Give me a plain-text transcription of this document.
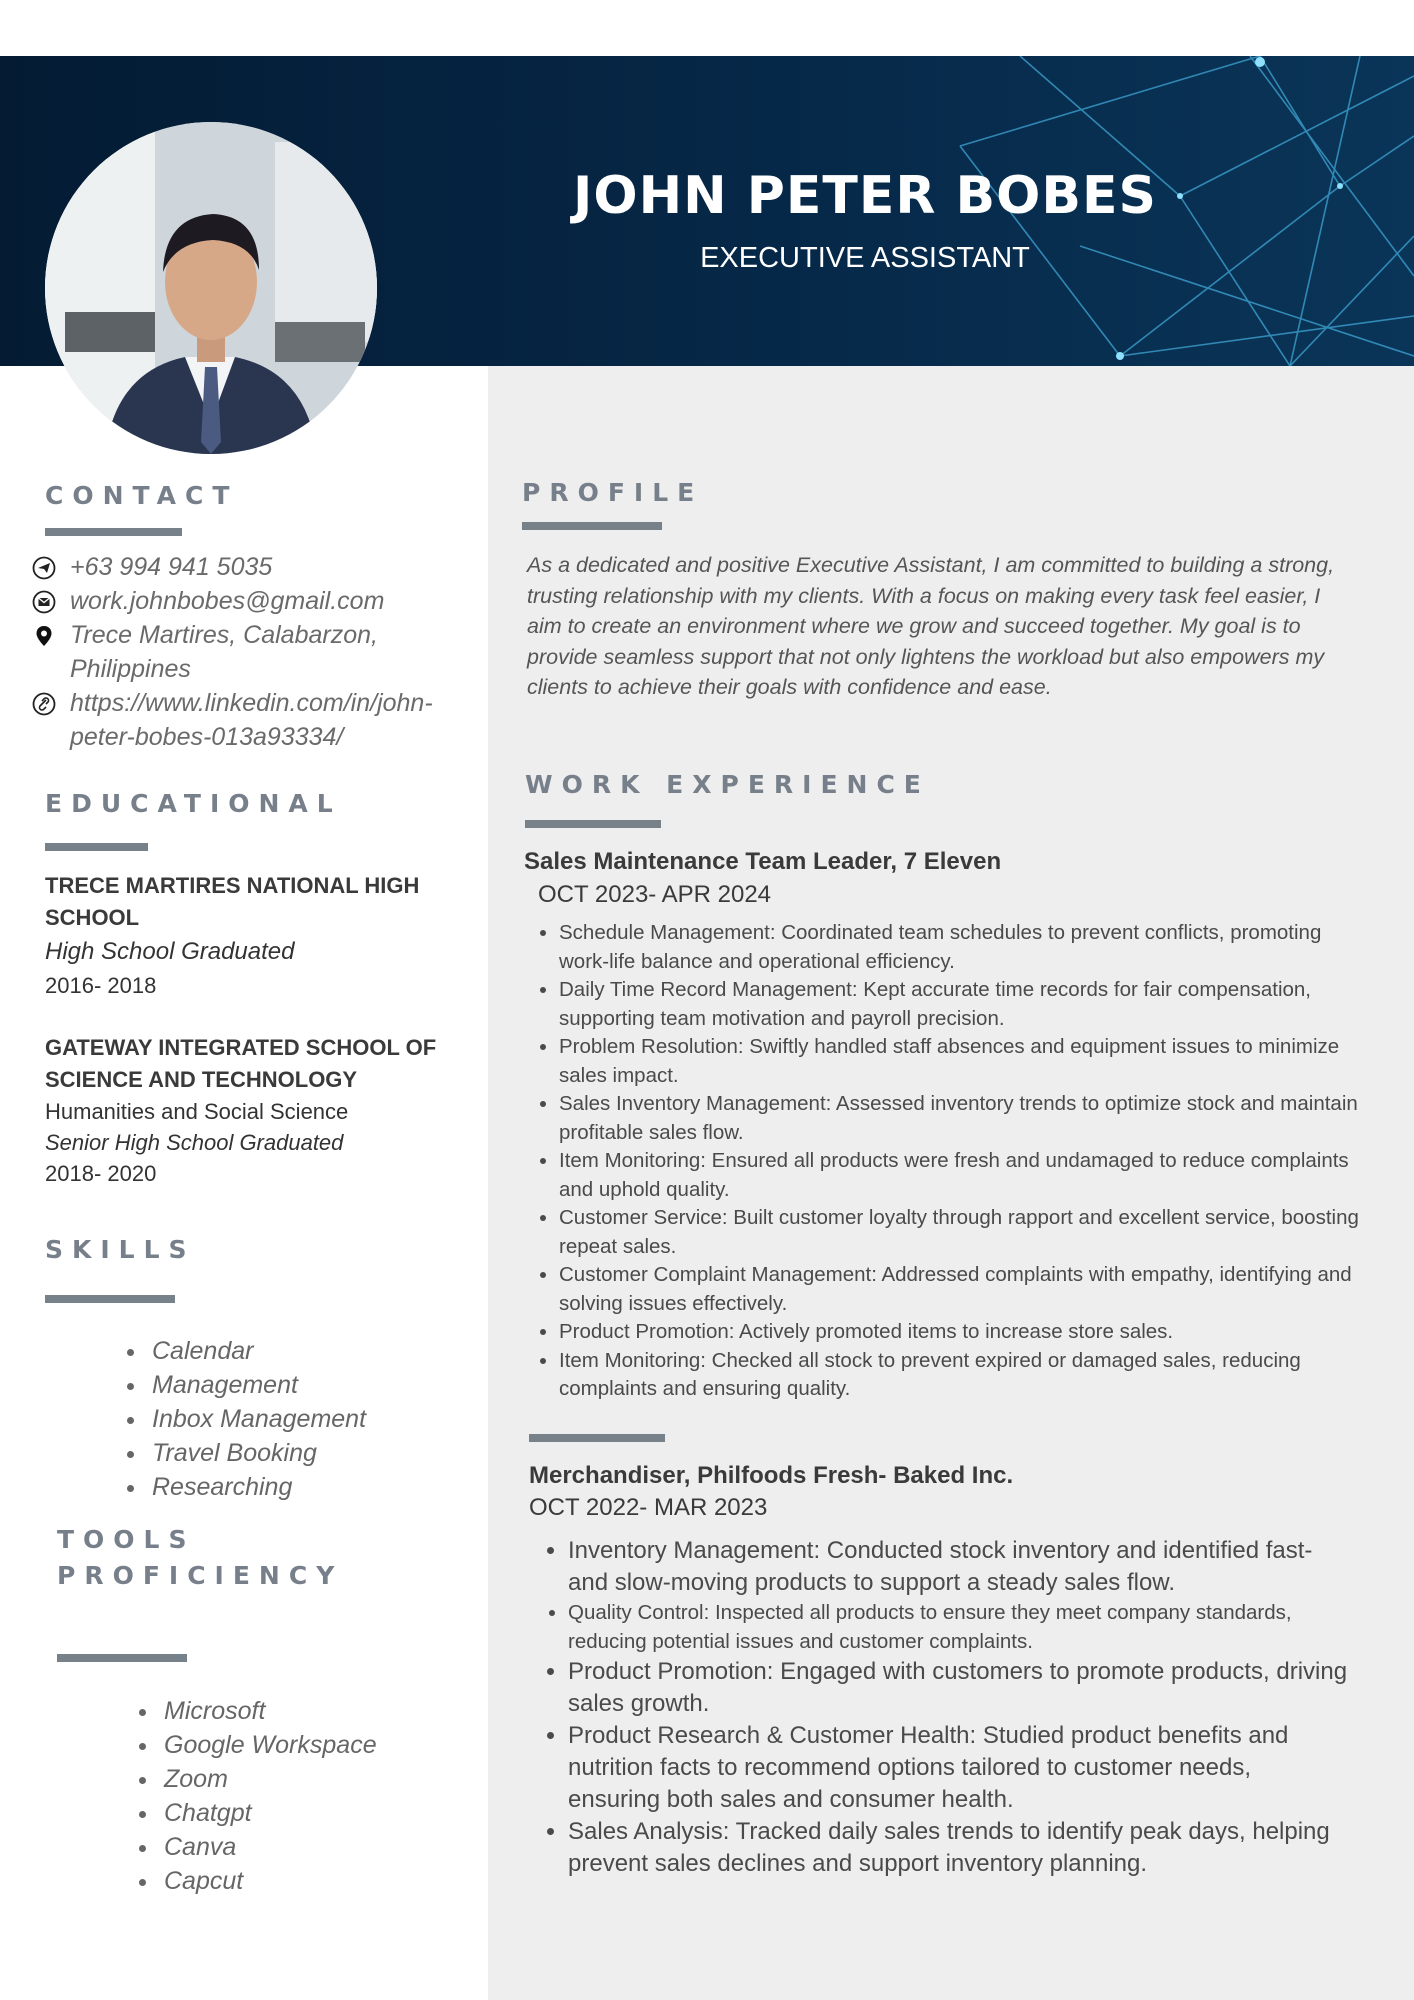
JOHN PETER BOBES

EXECUTIVE ASSISTANT

CONTACT
+63 994 941 5035
work.johnbobes@gmail.com
Trece Martires, Calabarzon, Philippines
https://www.linkedin.com/in/john-peter-bobes-013a93334/
EDUCATIONAL
TRECE MARTIRES NATIONAL HIGH SCHOOL
High School Graduated
2016- 2018
GATEWAY INTEGRATED SCHOOL OF SCIENCE AND TECHNOLOGY
Humanities and Social Science
Senior High School Graduated
2018- 2020
SKILLS
• Calendar
• Management
• Inbox Management
• Travel Booking
• Researching
TOOLS PROFICIENCY
• Microsoft
• Google Workspace
• Zoom
• Chatgpt
• Canva
• Capcut
PROFILE

As a dedicated and positive Executive Assistant, I am committed to building a strong, trusting relationship with my clients. With a focus on making every task feel easier, I aim to create an environment where we grow and succeed together. My goal is to provide seamless support that not only lightens the workload but also empowers my clients to achieve their goals with confidence and ease.

WORK EXPERIENCE
Sales Maintenance Team Leader, 7 Eleven
OCT 2023- APR 2024
• Schedule Management: Coordinated team schedules to prevent conflicts, promoting work-life balance and operational efficiency.
• Daily Time Record Management: Kept accurate time records for fair compensation, supporting team motivation and payroll precision.
• Problem Resolution: Swiftly handled staff absences and equipment issues to minimize sales impact.
• Sales Inventory Management: Assessed inventory trends to optimize stock and maintain profitable sales flow.
• Item Monitoring: Ensured all products were fresh and undamaged to reduce complaints and uphold quality.
• Customer Service: Built customer loyalty through rapport and excellent service, boosting repeat sales.
• Customer Complaint Management: Addressed complaints with empathy, identifying and solving issues effectively.
• Product Promotion: Actively promoted items to increase store sales.
• Item Monitoring: Checked all stock to prevent expired or damaged sales, reducing complaints and ensuring quality.
Merchandiser, Philfoods Fresh- Baked Inc.
OCT 2022- MAR 2023
• Inventory Management: Conducted stock inventory and identified fast- and slow-moving products to support a steady sales flow.
• Quality Control: Inspected all products to ensure they meet company standards, reducing potential issues and customer complaints.
• Product Promotion: Engaged with customers to promote products, driving sales growth.
• Product Research & Customer Health: Studied product benefits and nutrition facts to recommend options tailored to customer needs, ensuring both sales and consumer health.
• Sales Analysis: Tracked daily sales trends to identify peak days, helping prevent sales declines and support inventory planning.
